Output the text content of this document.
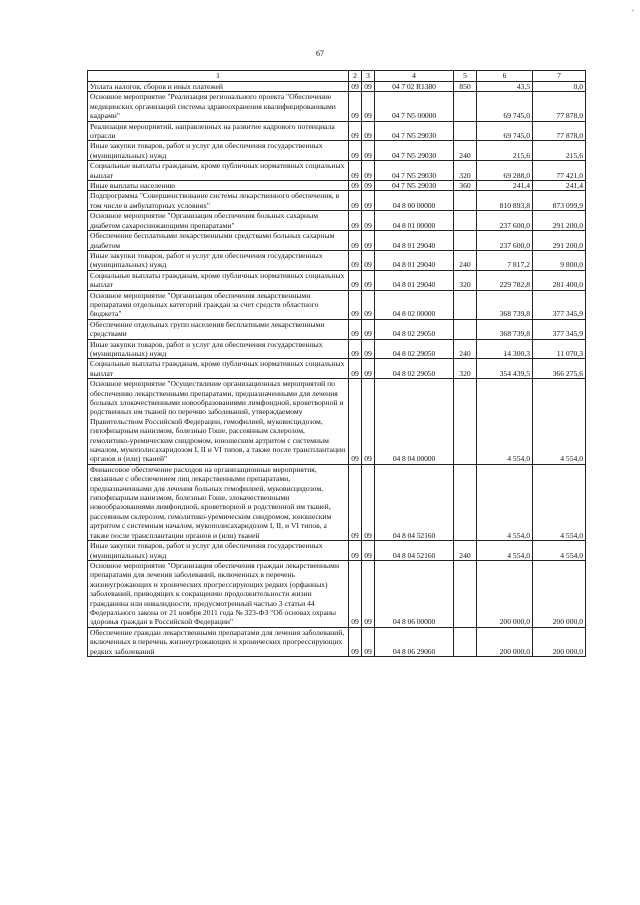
-
67
1	2	3	4	5	6	7
Уплата налогов, сборов и иных платежей	09	09	04 7 02 R1380	850	43,5	0,0
Основное мероприятие "Реализация регионального проекта "Обеспечение медицинских организаций системы здравоохранения квалифицированными кадрами"	09	09	04 7 N5 00000		69 745,0	77 878,0
Реализация мероприятий, направленных на развитие кадрового потенциала отрасли	09	09	04 7 N5 29030		69 745,0	77 878,0
Иные закупки товаров, работ и услуг для обеспечения государственных (муниципальных) нужд	09	09	04 7 N5 29030	240	215,6	215,6
Социальные выплаты гражданам, кроме публичных нормативных социальных выплат	09	09	04 7 N5 29030	320	69 288,0	77 421,0
Иные выплаты населению	09	09	04 7 N5 29030	360	241,4	241,4
Подпрограмма "Совершенствование системы лекарственного обеспечения, в том числе в амбулаторных условиях"	09	09	04 8 00 00000		810 893,8	873 099,9
Основное мероприятие "Организация обеспечения больных сахарным диабетом сахароснижающими препаратами"	09	09	04 8 01 00000		237 600,0	291 200,0
Обеспечение бесплатными лекарственными средствами больных сахарным диабетом	09	09	04 8 01 29040		237 600,0	291 200,0
Иные закупки товаров, работ и услуг для обеспечения государственных (муниципальных) нужд	09	09	04 8 01 29040	240	7 817,2	9 800,0
Социальные выплаты гражданам, кроме публичных нормативных социальных выплат	09	09	04 8 01 29040	320	229 782,8	281 400,0
Основное мероприятие "Организация обеспечения лекарственными препаратами отдельных категорий граждан за счет средств областного бюджета"	09	09	04 8 02 00000		368 739,8	377 345,9
Обеспечение отдельных групп населения бесплатными лекарственными средствами	09	09	04 8 02 29050		368 739,8	377 345,9
Иные закупки товаров, работ и услуг для обеспечения государственных (муниципальных) нужд	09	09	04 8 02 29050	240	14 300,3	11 070,3
Социальные выплаты гражданам, кроме публичных нормативных социальных выплат	09	09	04 8 02 29050	320	354 439,5	366 275,6
Основное мероприятие "Осуществление организационных мероприятий по обеспечению лекарственными препаратами, предназначенными для лечения больных злокачественными новообразованиями лимфоидной, кроветворной и родственных им тканей по перечню заболеваний, утверждаемому Правительством Российской Федерации, гемофилией, муковисцидозом, гипофизарным нанизмом, болезнью Гоше, рассеянным склерозом, гемолитико-уремическим синдромом, юношеским артритом с системным началом, мукополисахаридозом I, II и VI типов, а также после трансплантации органов и (или) тканей"	09	09	04 8 04 00000		4 554,0	4 554,0
Финансовое обеспечение расходов на организационные мероприятия, связанные с обеспечением лиц лекарственными препаратами, предназначенными для лечения больных гемофилией, муковисцидозом, гипофизарным нанизмом, болезнью Гоше, злокачественными новообразованиями лимфоидной, кроветворной и родственной им тканей, рассеянным склерозом, гемолитико-уремическим синдромом, юношеским артритом с системным началом, мукополисахаридозом I, II, и VI типов, а также после трансплантации органов и (или) тканей	09	09	04 8 04 52160		4 554,0	4 554,0
Иные закупки товаров, работ и услуг для обеспечения государственных (муниципальных) нужд	09	09	04 8 04 52160	240	4 554,0	4 554,0
Основное мероприятие "Организация обеспечения граждан лекарственными препаратами для лечения заболеваний, включенных в перечень жизнеугрожающих и хронических прогрессирующих редких (орфанных) заболеваний, приводящих к сокращению продолжительности жизни гражданина или инвалидности, предусмотренный частью 3 статьи 44 Федерального закона от 21 ноября 2011 года № 323-ФЗ "Об основах охраны здоровья граждан в Российской Федерации"	09	09	04 8 06 00000		200 000,0	200 000,0
Обеспечение граждан лекарственными препаратами для лечения заболеваний, включенных в перечень жизнеугрожающих и хронических прогрессирующих редких заболеваний	09	09	04 8 06 29060		200 000,0	200 000,0
